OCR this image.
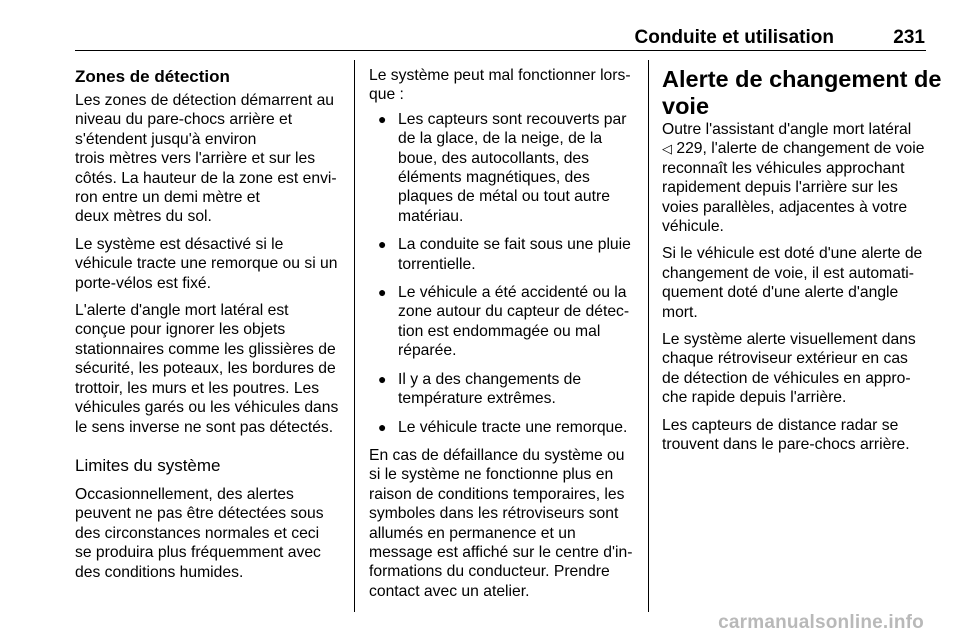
Conduite et utilisation	231
Zones de détection

Les zones de détection démarrent au
niveau du pare-chocs arrière et
s'étendent jusqu'à environ
trois mètres vers l'arrière et sur les
côtés. La hauteur de la zone est envi-
ron entre un demi mètre et
deux mètres du sol.

Le système est désactivé si le
véhicule tracte une remorque ou si un
porte-vélos est fixé.

L'alerte d'angle mort latéral est
conçue pour ignorer les objets
stationnaires comme les glissières de
sécurité, les poteaux, les bordures de
trottoir, les murs et les poutres. Les
véhicules garés ou les véhicules dans
le sens inverse ne sont pas détectés.

Limites du système

Occasionnellement, des alertes
peuvent ne pas être détectées sous
des circonstances normales et ceci
se produira plus fréquemment avec
des conditions humides.

Le système peut mal fonctionner lors-
que :

● Les capteurs sont recouverts par
de la glace, de la neige, de la
boue, des autocollants, des
éléments magnétiques, des
plaques de métal ou tout autre
matériau.
● La conduite se fait sous une pluie
torrentielle.
● Le véhicule a été accidenté ou la
zone autour du capteur de détec-
tion est endommagée ou mal
réparée.
● Il y a des changements de
température extrêmes.
● Le véhicule tracte une remorque.

En cas de défaillance du système ou
si le système ne fonctionne plus en
raison de conditions temporaires, les
symboles dans les rétroviseurs sont
allumés en permanence et un
message est affiché sur le centre d'in-
formations du conducteur. Prendre
contact avec un atelier.

Alerte de changement de
voie

Outre l'assistant d'angle mort latéral
◁ 229, l'alerte de changement de voie
reconnaît les véhicules approchant
rapidement depuis l'arrière sur les
voies parallèles, adjacentes à votre
véhicule.

Si le véhicule est doté d'une alerte de
changement de voie, il est automati-
quement doté d'une alerte d'angle
mort.

Le système alerte visuellement dans
chaque rétroviseur extérieur en cas
de détection de véhicules en appro-
che rapide depuis l'arrière.

Les capteurs de distance radar se
trouvent dans le pare-chocs arrière.

carmanualsonline.info
